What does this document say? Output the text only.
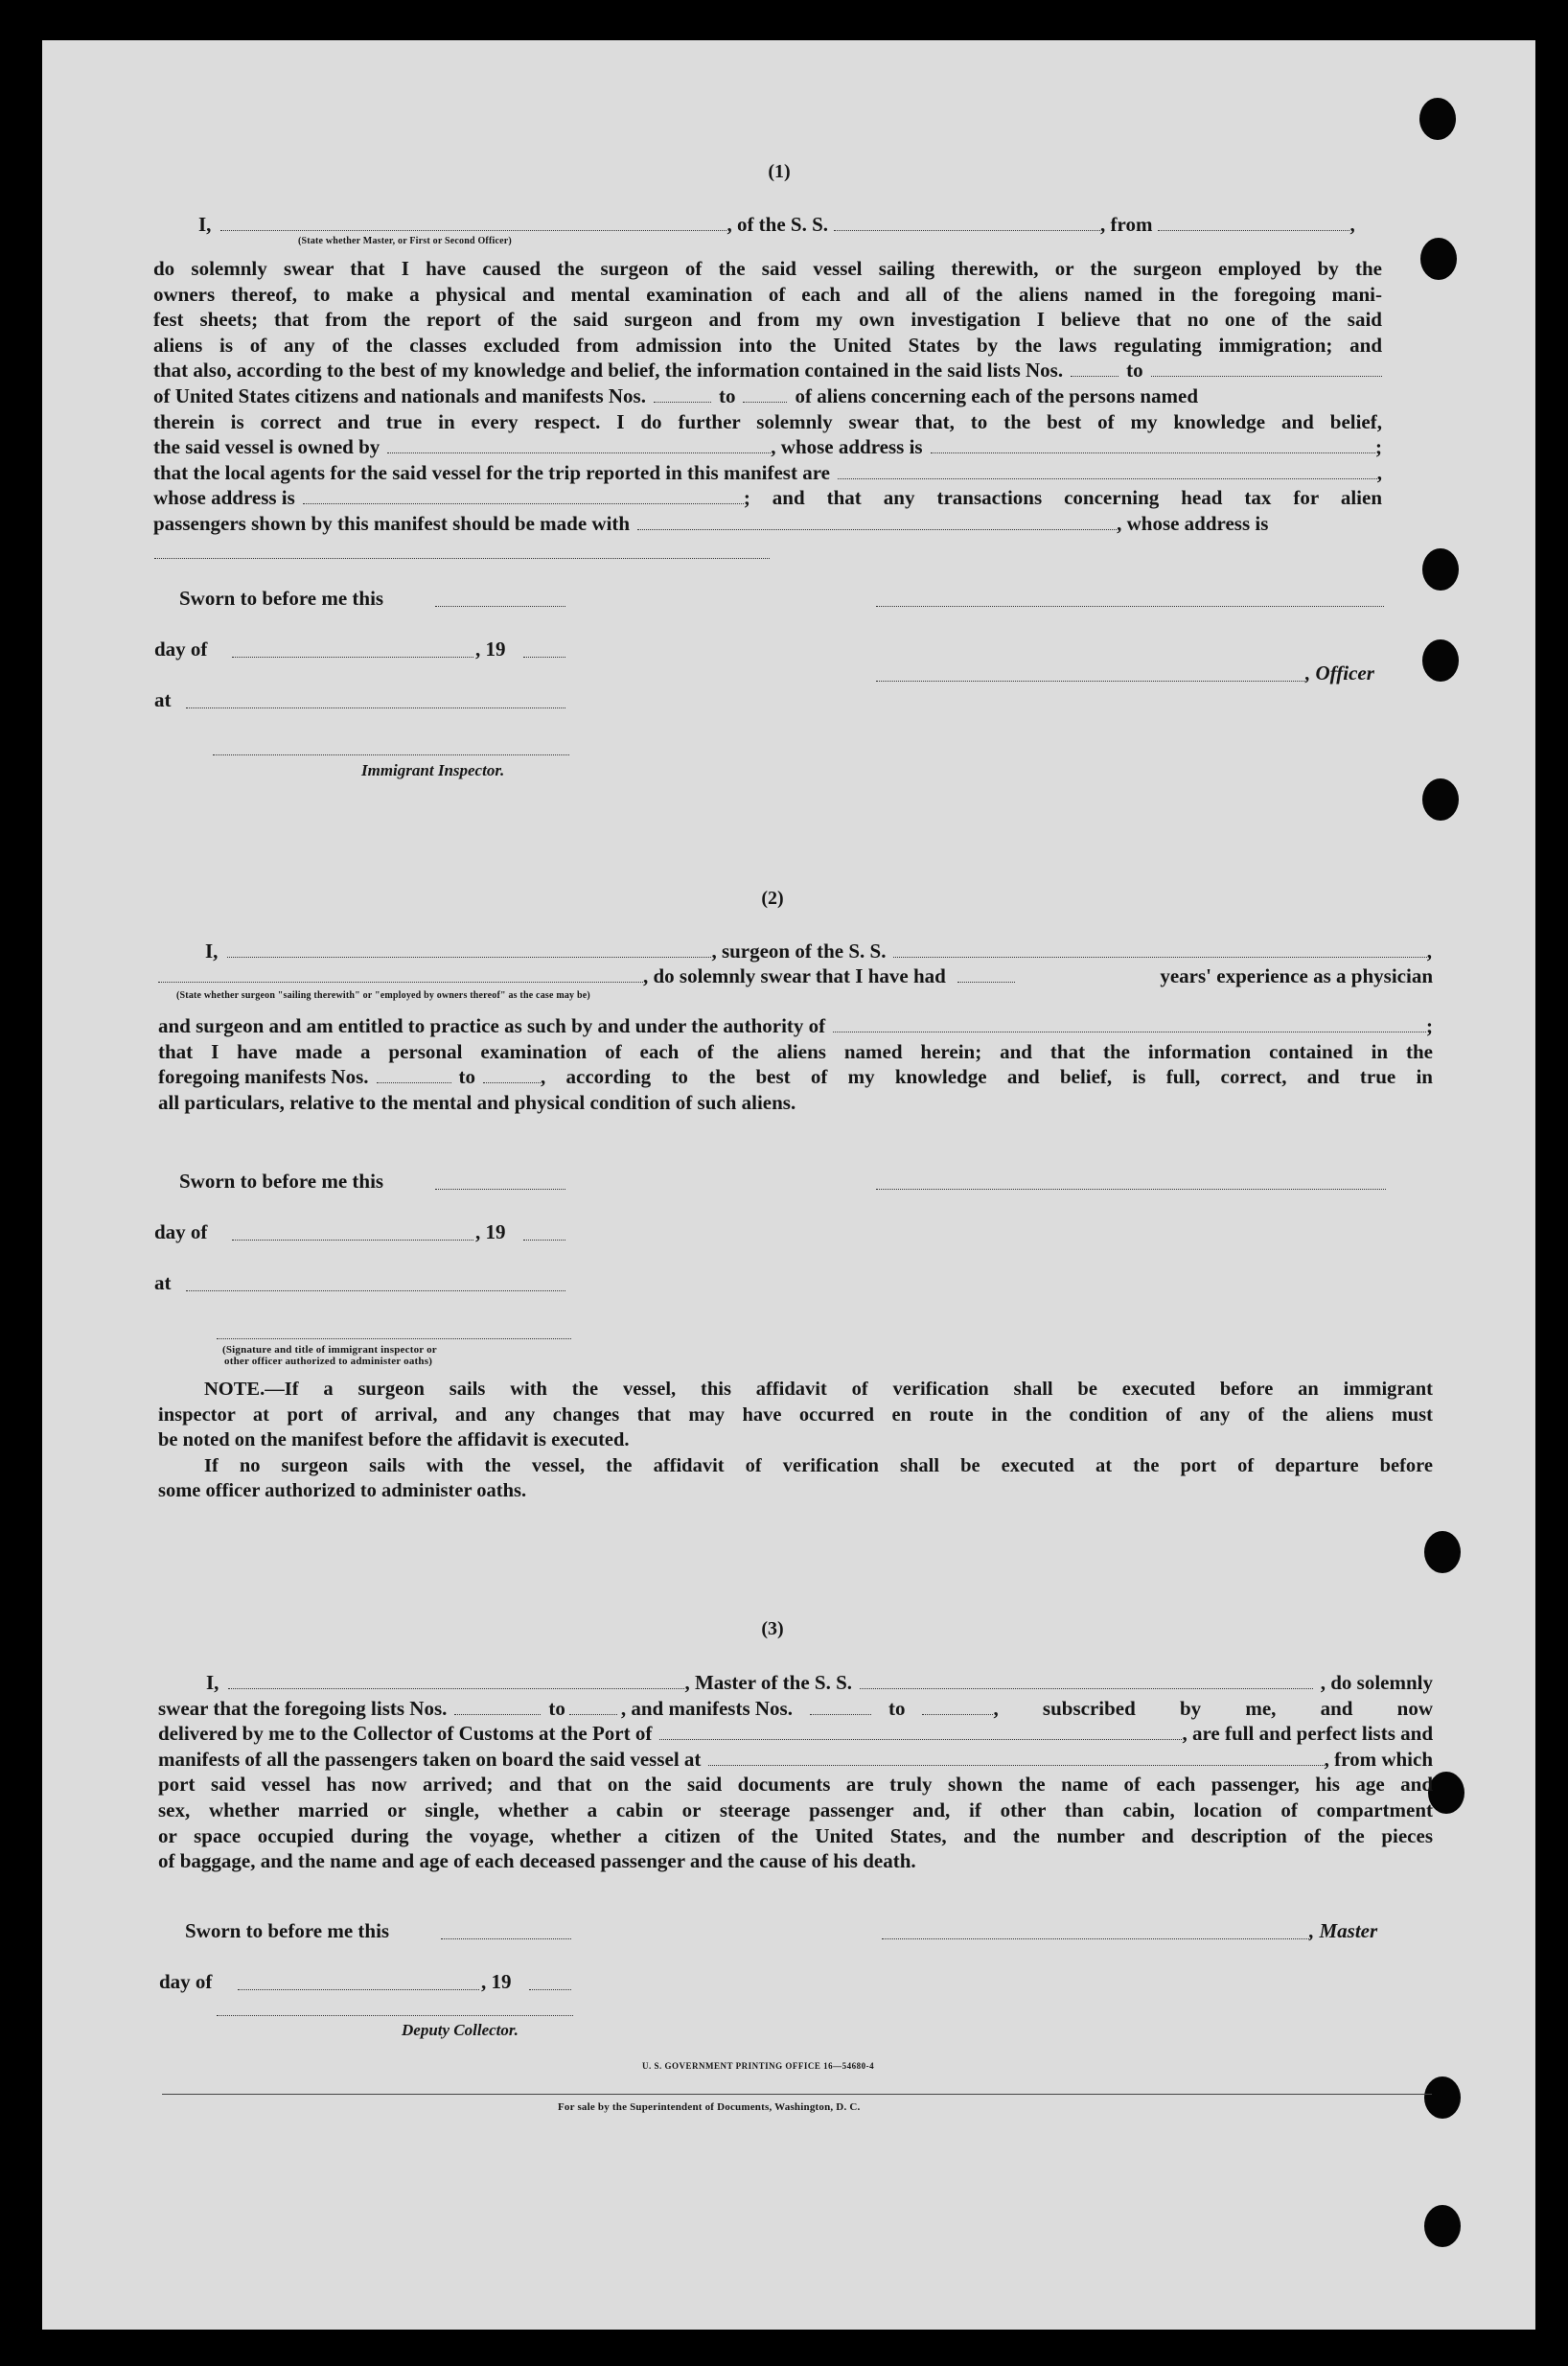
(1)
I,	, of the S. S.	, from	,
(State whether Master, or First or Second Officer)
do solemnly swear that I have caused the surgeon of the said vessel sailing therewith, or the surgeon employed by the
owners thereof, to make a physical and mental examination of each and all of the aliens named in the foregoing mani-
fest sheets; that from the report of the said surgeon and from my own investigation I believe that no one of the said
aliens is of any of the classes excluded from admission into the United States by the laws regulating immigration; and
that also, according to the best of my knowledge and belief, the information contained in the said lists Nos.	to
of United States citizens and nationals and manifests Nos.	to	of aliens concerning each of the persons named
therein is correct and true in every respect. I do further solemnly swear that, to the best of my knowledge and belief,
the said vessel is owned by	, whose address is	;
that the local agents for the said vessel for the trip reported in this manifest are	,
whose address is	; and that any transactions concerning head tax for alien
passengers shown by this manifest should be made with	, whose address is
Sworn to before me this
day of	, 19
, Officer
at
Immigrant Inspector.
(2)
I,	, surgeon of the S. S.	,
, do solemnly swear that I have had	years' experience as a physician
(State whether surgeon "sailing therewith" or "employed by owners thereof" as the case may be)
and surgeon and am entitled to practice as such by and under the authority of	;
that I have made a personal examination of each of the aliens named herein; and that the information contained in the
foregoing manifests Nos.	to	, according to the best of my knowledge and belief, is full, correct, and true in
all particulars, relative to the mental and physical condition of such aliens.
Sworn to before me this
day of	, 19
at
(Signature and title of immigrant inspector or
other officer authorized to administer oaths)
NOTE.—If a surgeon sails with the vessel, this affidavit of verification shall be executed before an immigrant
inspector at port of arrival, and any changes that may have occurred en route in the condition of any of the aliens must
be noted on the manifest before the affidavit is executed.
If no surgeon sails with the vessel, the affidavit of verification shall be executed at the port of departure before
some officer authorized to administer oaths.
(3)
I,	, Master of the S. S.	, do solemnly
swear that the foregoing lists Nos.	to	, and manifests Nos.	to	, subscribed by me, and now
delivered by me to the Collector of Customs at the Port of	, are full and perfect lists and
manifests of all the passengers taken on board the said vessel at	, from which
port said vessel has now arrived; and that on the said documents are truly shown the name of each passenger, his age and
sex, whether married or single, whether a cabin or steerage passenger and, if other than cabin, location of compartment
or space occupied during the voyage, whether a citizen of the United States, and the number and description of the pieces
of baggage, and the name and age of each deceased passenger and the cause of his death.
Sworn to before me this	, Master
day of	, 19
Deputy Collector.
U. S. GOVERNMENT PRINTING OFFICE 16—54680-4
For sale by the Superintendent of Documents, Washington, D. C.
